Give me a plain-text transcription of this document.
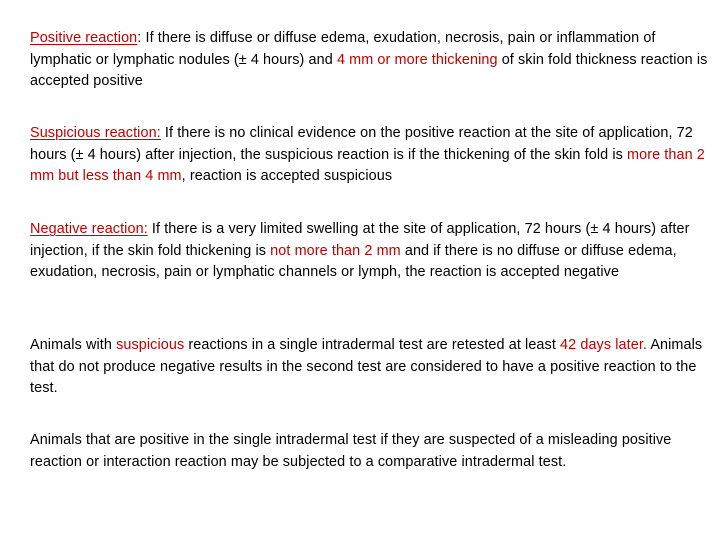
Positive reaction: If there is diffuse or diffuse edema, exudation, necrosis, pain or inflammation of lymphatic or lymphatic nodules (± 4 hours) and 4 mm or more thickening of skin fold thickness reaction is accepted positive

Suspicious reaction: If there is no clinical evidence on the positive reaction at the site of application, 72 hours (± 4 hours) after injection, the suspicious reaction is if the thickening of the skin fold is more than 2 mm but less than 4 mm, reaction is accepted suspicious

Negative reaction: If there is a very limited swelling at the site of application, 72 hours (± 4 hours) after injection, if the skin fold thickening is not more than 2 mm and if there is no diffuse or diffuse edema, exudation, necrosis, pain or lymphatic channels or lymph, the reaction is accepted negative

Animals with suspicious reactions in a single intradermal test are retested at least 42 days later. Animals that do not produce negative results in the second test are considered to have a positive reaction to the test.

Animals that are positive in the single intradermal test if they are suspected of a misleading positive reaction or interaction reaction may be subjected to a comparative intradermal test.
